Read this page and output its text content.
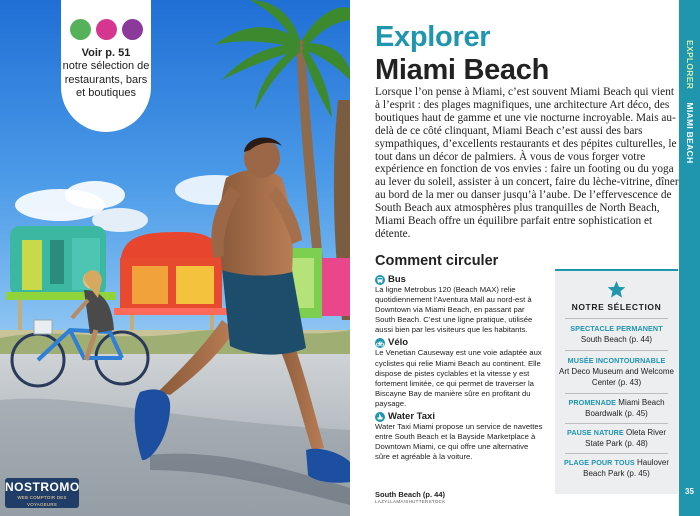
Voir p. 51
notre sélection de restaurants, bars et boutiques
NOSTROMO
WEB COMPTOIR DES VOYAGEURS
Explorer
Miami Beach

Lorsque l’on pense à Miami, c’est souvent Miami Beach qui vient à l’esprit : des plages magnifiques, une architecture Art déco, des boutiques haut de gamme et une vie nocturne incroyable. Mais au-delà de ce côté clinquant, Miami Beach c’est aussi des bars sympathiques, d’excellents restaurants et des pépites culturelles, le tout dans un décor de palmiers. À vous de vous forger votre expérience en fonction de vos envies : faire un footing ou du yoga au lever du soleil, assister à un concert, faire du lèche-vitrine, dîner au bord de la mer ou danser jusqu’à l’aube. De l’effervescence de South Beach aux atmosphères plus tranquilles de North Beach, Miami Beach offre un équilibre parfait entre sophistication et détente.

Comment circuler
Bus

La ligne Metrobus 120 (Beach MAX) relie quotidiennement l’Aventura Mall au nord-est à Downtown via Miami Beach, en passant par South Beach. C’est une ligne pratique, utilisée aussi bien par les visiteurs que les habitants.

Vélo

Le Venetian Causeway est une voie adaptée aux cyclistes qui relie Miami Beach au continent. Elle dispose de pistes cyclables et la vitesse y est fortement limitée, ce qui permet de traverser la Biscayne Bay de manière sûre en profitant du paysage.

Water Taxi

Water Taxi Miami propose un service de navettes entre South Beach et la Bayside Marketplace à Downtown Miami, ce qui offre une alternative sûre et agréable à la voiture.

South Beach (p. 44)
LAZYLLAMA/SHUTTERSTOCK
NOTRE SÉLECTION
SPECTACLE PERMANENT
South Beach (p. 44)
MUSÉE INCONTOURNABLE
Art Deco Museum and Welcome Center (p. 43)
PROMENADE Miami Beach Boardwalk (p. 45)
PAUSE NATURE Oleta River State Park (p. 48)
PLAGE POUR TOUS Haulover Beach Park (p. 45)
EXPLORER     MIAMI BEACH
35
